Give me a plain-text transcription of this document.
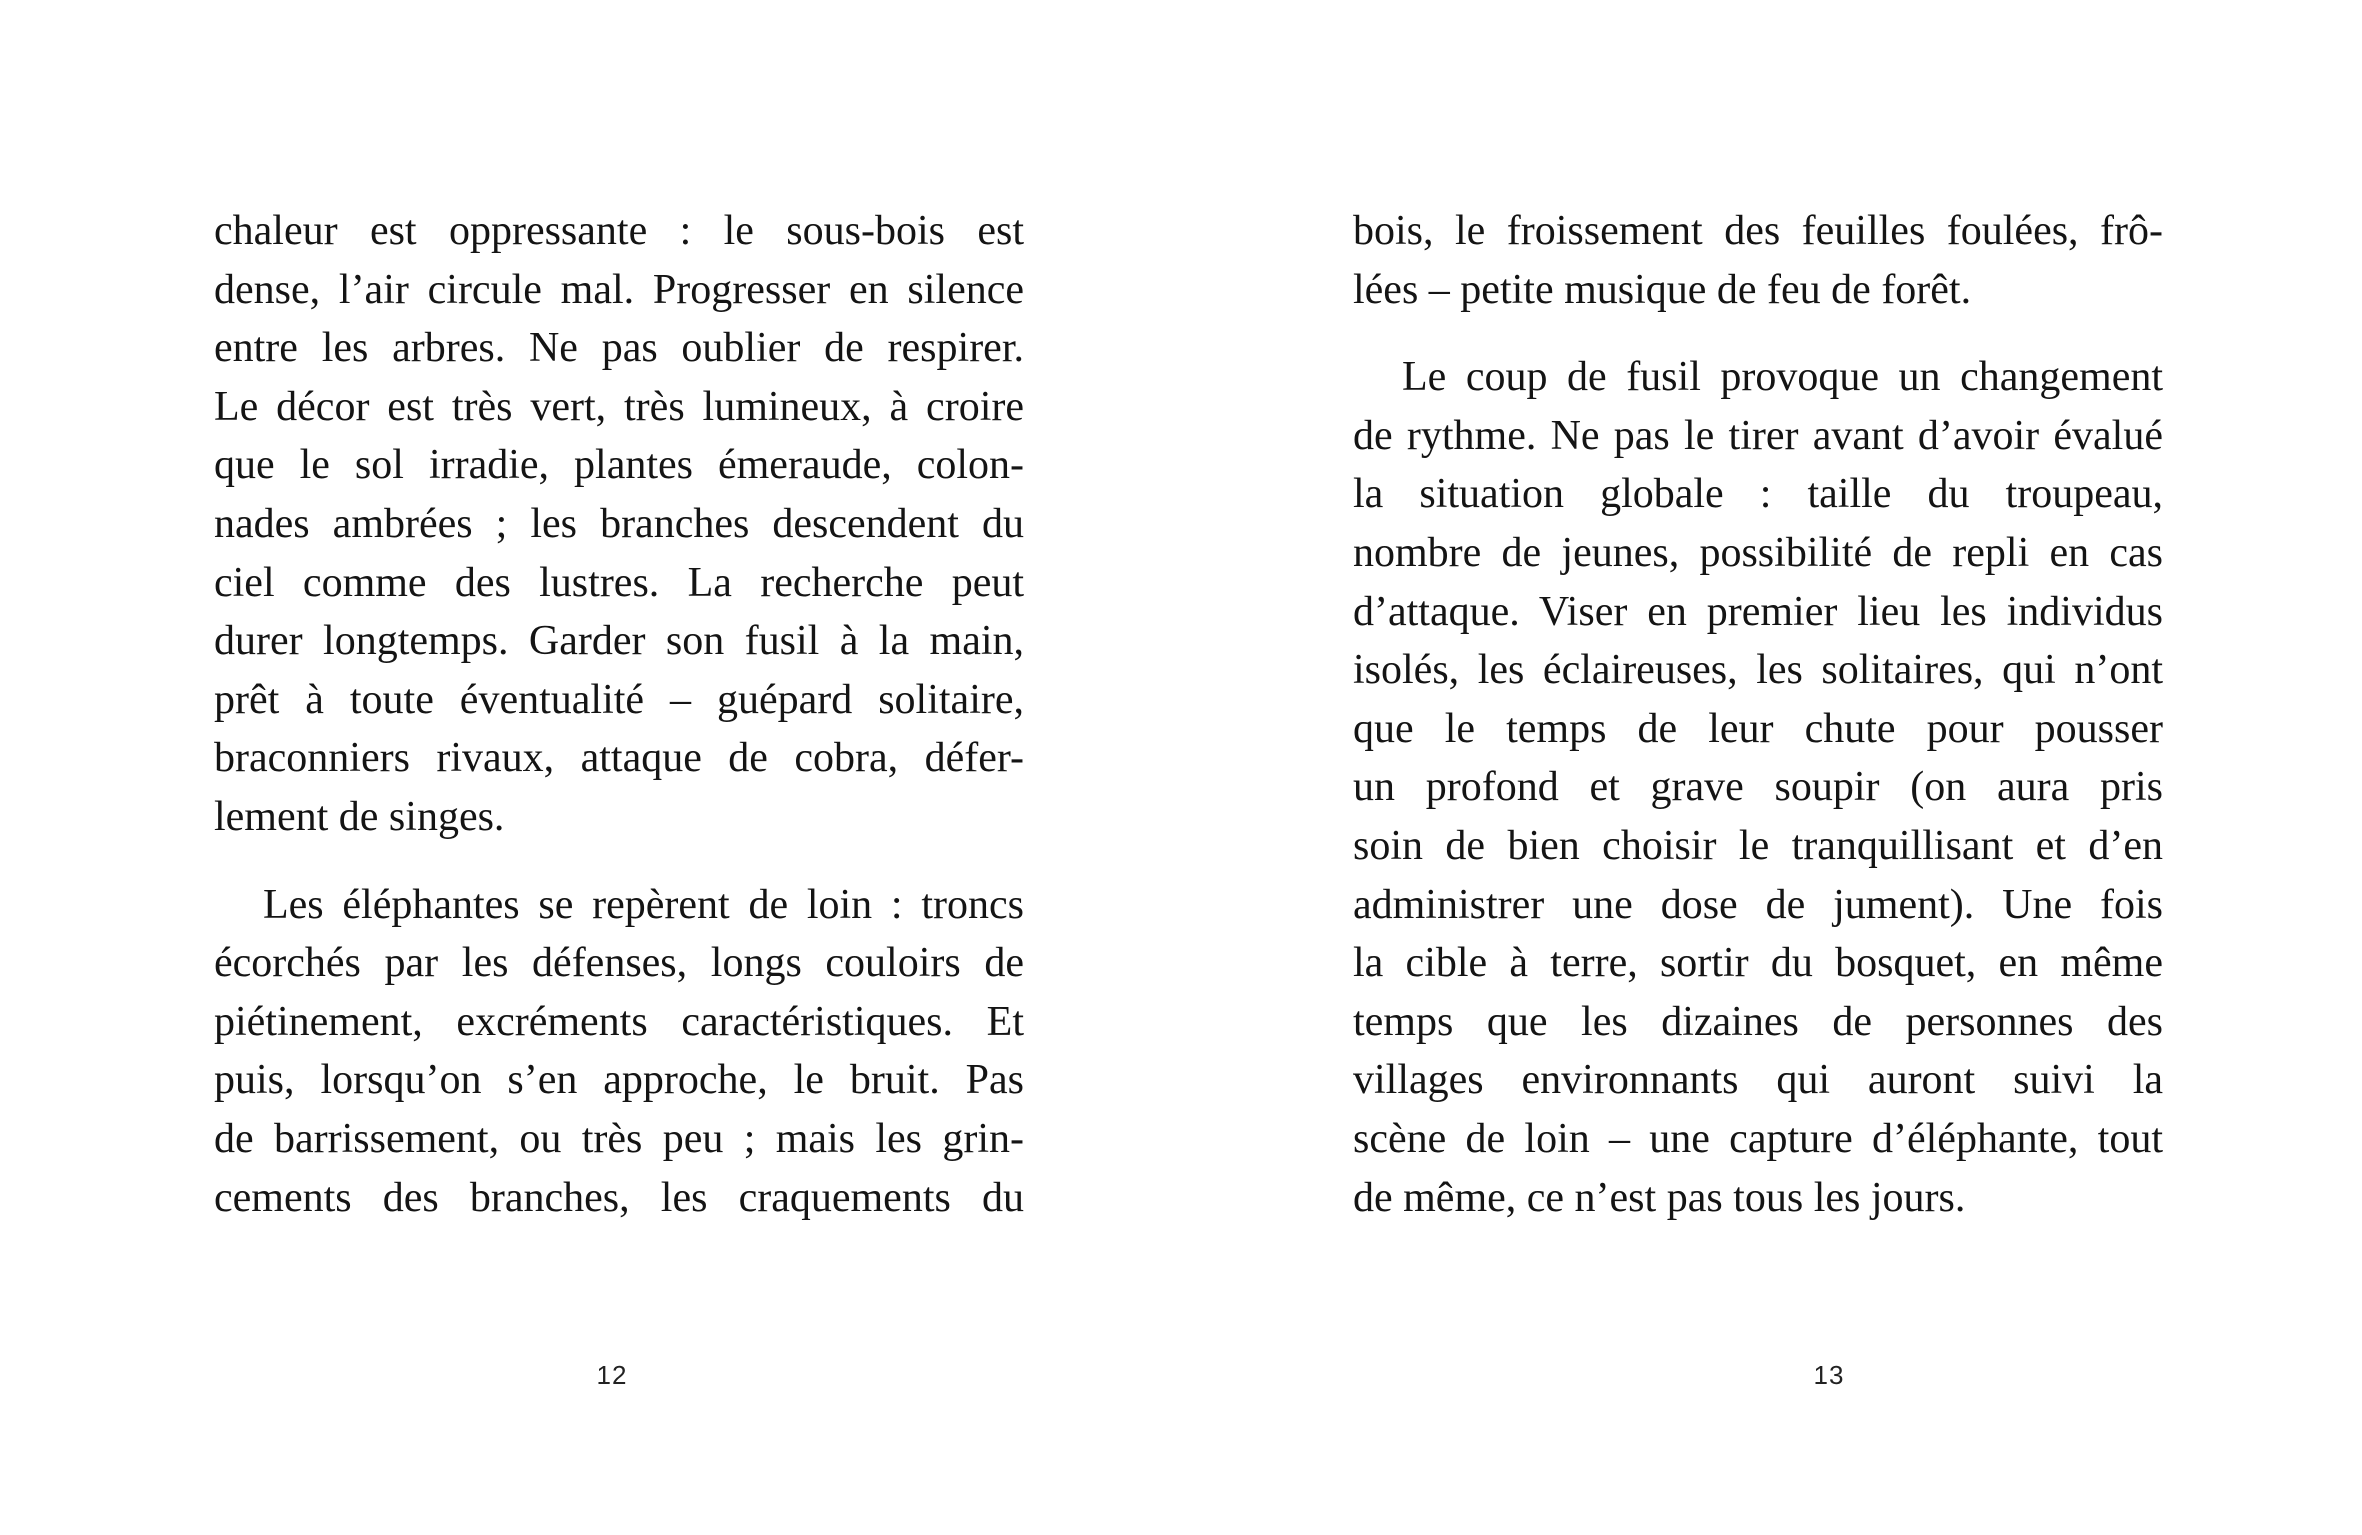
chaleur est oppressante : le sous-bois est
dense, l’air circule mal. Progresser en silence
entre les arbres. Ne pas oublier de respirer.
Le décor est très vert, très lumineux, à croire
que le sol irradie, plantes émeraude, colon-
nades ambrées ; les branches descendent du
ciel comme des lustres. La recherche peut
durer longtemps. Garder son fusil à la main,
prêt à toute éventualité – guépard solitaire,
braconniers rivaux, attaque de cobra, défer-
lement de singes.

Les éléphantes se repèrent de loin : troncs
écorchés par les défenses, longs couloirs de
piétinement, excréments caractéristiques. Et
puis, lorsqu’on s’en approche, le bruit. Pas
de barrissement, ou très peu ; mais les grin-
cements des branches, les craquements du

12

bois, le froissement des feuilles foulées, frô-
lées – petite musique de feu de forêt.

Le coup de fusil provoque un changement
de rythme. Ne pas le tirer avant d’avoir évalué
la situation globale : taille du troupeau,
nombre de jeunes, possibilité de repli en cas
d’attaque. Viser en premier lieu les individus
isolés, les éclaireuses, les solitaires, qui n’ont
que le temps de leur chute pour pousser
un profond et grave soupir (on aura pris
soin de bien choisir le tranquillisant et d’en
administrer une dose de jument). Une fois
la cible à terre, sortir du bosquet, en même
temps que les dizaines de personnes des
villages environnants qui auront suivi la
scène de loin – une capture d’éléphante, tout
de même, ce n’est pas tous les jours.

13
